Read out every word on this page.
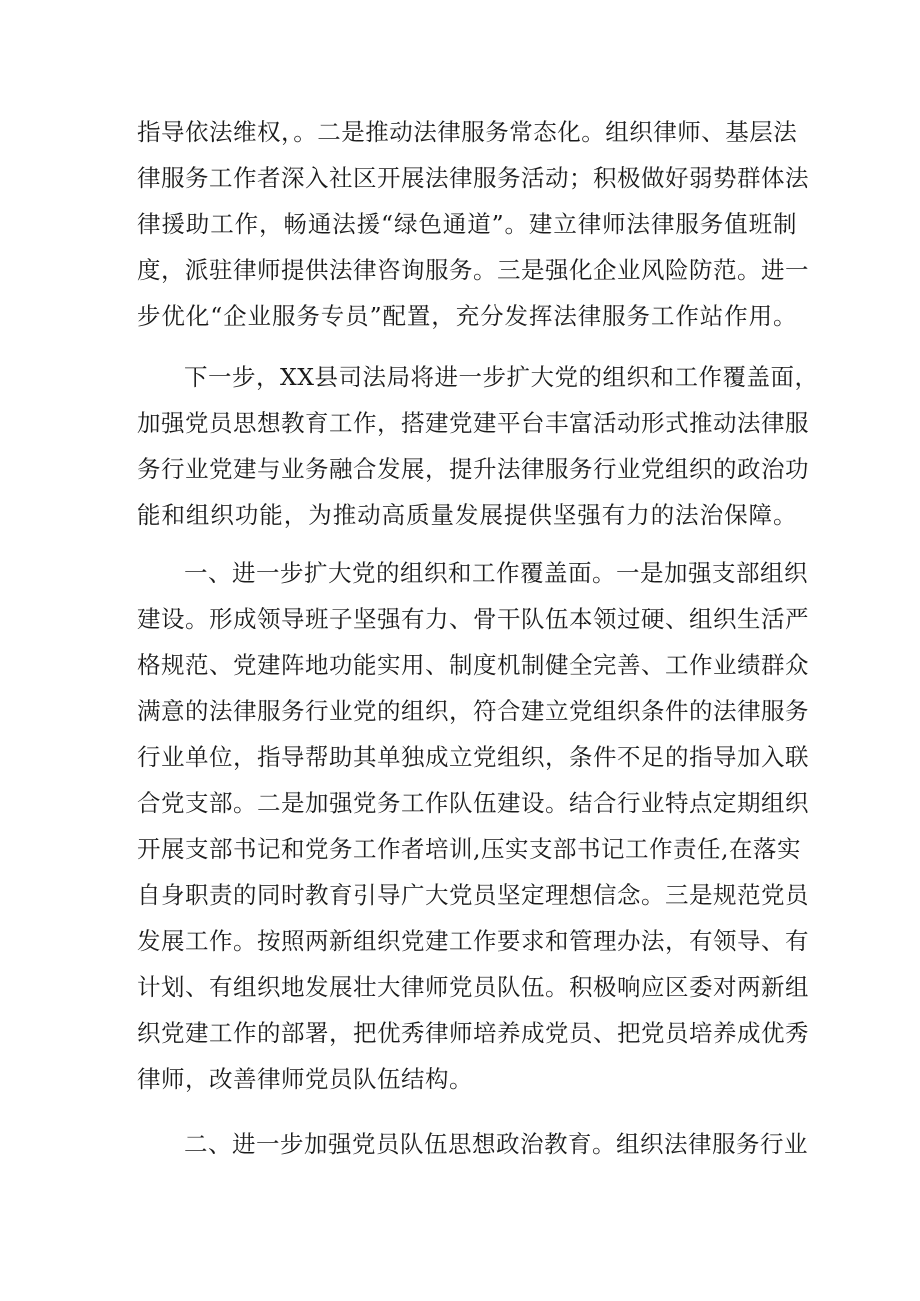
指导依法维权，。二是推动法律服务常态化。组织律师、基层法
律服务工作者深入社区开展法律服务活动；积极做好弱势群体法
律援助工作，畅通法援“绿色通道”。建立律师法律服务值班制
度，派驻律师提供法律咨询服务。三是强化企业风险防范。进一
步优化“企业服务专员”配置，充分发挥法律服务工作站作用。
下一步，XX县司法局将进一步扩大党的组织和工作覆盖面，
加强党员思想教育工作，搭建党建平台丰富活动形式推动法律服
务行业党建与业务融合发展，提升法律服务行业党组织的政治功
能和组织功能，为推动高质量发展提供坚强有力的法治保障。
一、进一步扩大党的组织和工作覆盖面。一是加强支部组织
建设。形成领导班子坚强有力、骨干队伍本领过硬、组织生活严
格规范、党建阵地功能实用、制度机制健全完善、工作业绩群众
满意的法律服务行业党的组织，符合建立党组织条件的法律服务
行业单位，指导帮助其单独成立党组织，条件不足的指导加入联
合党支部。二是加强党务工作队伍建设。结合行业特点定期组织
开展支部书记和党务工作者培训,压实支部书记工作责任,在落实
自身职责的同时教育引导广大党员坚定理想信念。三是规范党员
发展工作。按照两新组织党建工作要求和管理办法，有领导、有
计划、有组织地发展壮大律师党员队伍。积极响应区委对两新组
织党建工作的部署，把优秀律师培养成党员、把党员培养成优秀
律师，改善律师党员队伍结构。
二、进一步加强党员队伍思想政治教育。组织法律服务行业
